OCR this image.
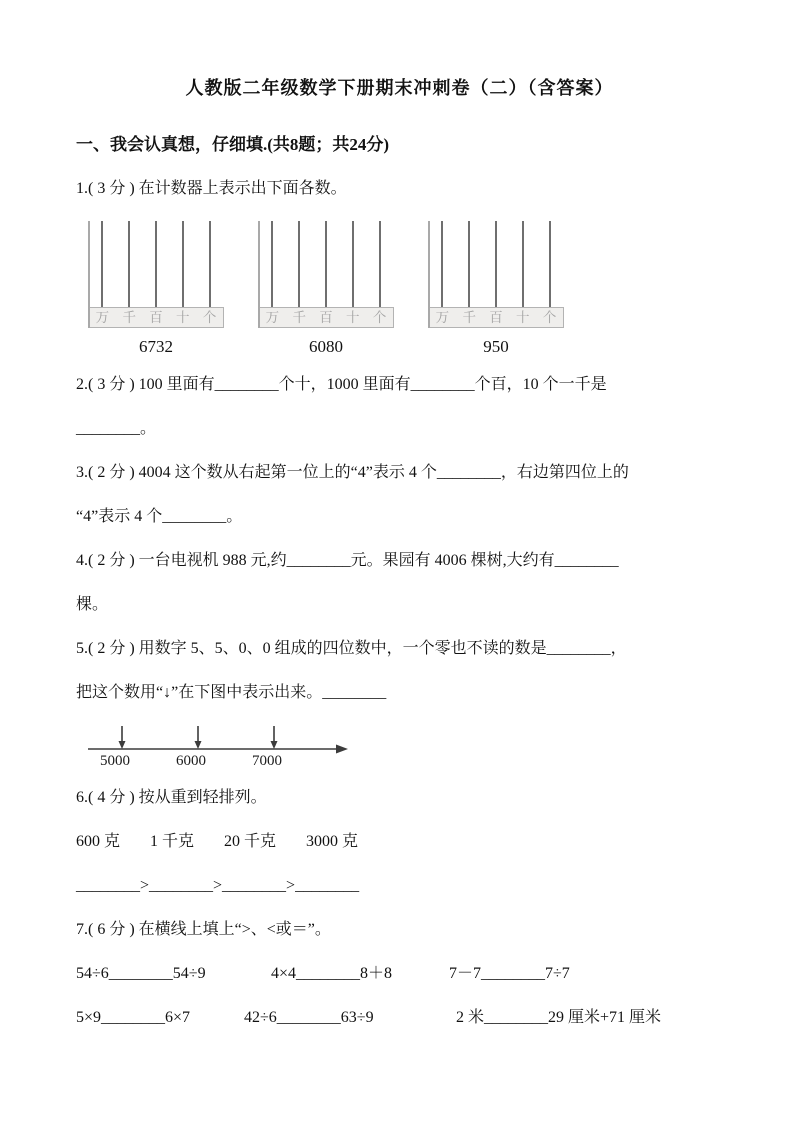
人教版二年级数学下册期末冲刺卷（二）（含答案）
一、我会认真想，仔细填.(共8题；共24分)

1.( 3 分 ) 在计数器上表示出下面各数。

万 千 百 十 个
6732
万 千 百 十 个
6080
万 千 百 十 个
950

2.( 3 分 ) 100 里面有________个十，1000 里面有________个百，10 个一千是

________。

3.( 2 分 ) 4004 这个数从右起第一位上的“4”表示 4 个________，右边第四位上的

“4”表示 4 个________。

4.( 2 分 ) 一台电视机 988 元,约________元。果园有 4006 棵树,大约有________

棵。

5.( 2 分 ) 用数字 5、5、0、0 组成的四位数中，一个零也不读的数是________，

把这个数用“↓”在下图中表示出来。________

5000	6000	7000

6.( 4 分 ) 按从重到轻排列。

600 克 1 千克 20 千克 3000 克

________>________>________>________

7.( 6 分 ) 在横线上填上“>、<或＝”。

54÷6________54÷9	4×4________8＋8	7－7________7÷7
5×9________6×7	42÷6________63÷9	2 米________29 厘米+71 厘米
